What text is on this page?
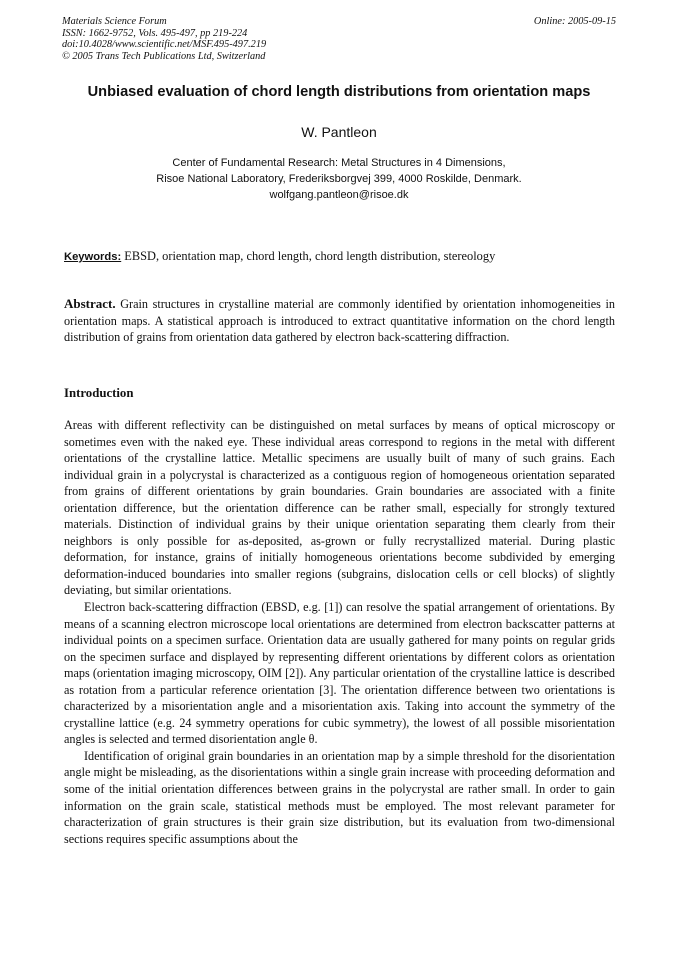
Materials Science Forum
ISSN: 1662-9752, Vols. 495-497, pp 219-224
doi:10.4028/www.scientific.net/MSF.495-497.219
© 2005 Trans Tech Publications Ltd, Switzerland
Online: 2005-09-15
Unbiased evaluation of chord length distributions from orientation maps
W. Pantleon
Center of Fundamental Research: Metal Structures in 4 Dimensions,
Risoe National Laboratory, Frederiksborgvej 399, 4000 Roskilde, Denmark.
wolfgang.pantleon@risoe.dk
Keywords: EBSD, orientation map, chord length, chord length distribution, stereology
Abstract. Grain structures in crystalline material are commonly identified by orientation inhomogeneities in orientation maps. A statistical approach is introduced to extract quantitative information on the chord length distribution of grains from orientation data gathered by electron back-scattering diffraction.
Introduction

Areas with different reflectivity can be distinguished on metal surfaces by means of optical microscopy or sometimes even with the naked eye. These individual areas correspond to regions in the metal with different orientations of the crystalline lattice. Metallic specimens are usually built of many of such grains. Each individual grain in a polycrystal is characterized as a contiguous region of homogeneous orientation separated from grains of different orientations by grain boundaries. Grain boundaries are associated with a finite orientation difference, but the orientation difference can be rather small, especially for strongly textured materials. Distinction of individual grains by their unique orientation separating them clearly from their neighbors is only possible for as-deposited, as-grown or fully recrystallized material. During plastic deformation, for instance, grains of initially homogeneous orientations become subdivided by emerging deformation-induced boundaries into smaller regions (subgrains, dislocation cells or cell blocks) of slightly deviating, but similar orientations.

Electron back-scattering diffraction (EBSD, e.g. [1]) can resolve the spatial arrangement of orientations. By means of a scanning electron microscope local orientations are determined from electron backscatter patterns at individual points on a specimen surface. Orientation data are usually gathered for many points on regular grids on the specimen surface and displayed by representing different orientations by different colors as orientation maps (orientation imaging microscopy, OIM [2]). Any particular orientation of the crystalline lattice is described as rotation from a particular reference orientation [3]. The orientation difference between two orientations is characterized by a misorientation angle and a misorientation axis. Taking into account the symmetry of the crystalline lattice (e.g. 24 symmetry operations for cubic symmetry), the lowest of all possible misorientation angles is selected and termed disorientation angle θ.

Identification of original grain boundaries in an orientation map by a simple threshold for the disorientation angle might be misleading, as the disorientations within a single grain increase with proceeding deformation and some of the initial orientation differences between grains in the polycrystal are rather small. In order to gain information on the grain scale, statistical methods must be employed. The most relevant parameter for characterization of grain structures is their grain size distribution, but its evaluation from two-dimensional sections requires specific assumptions about the
